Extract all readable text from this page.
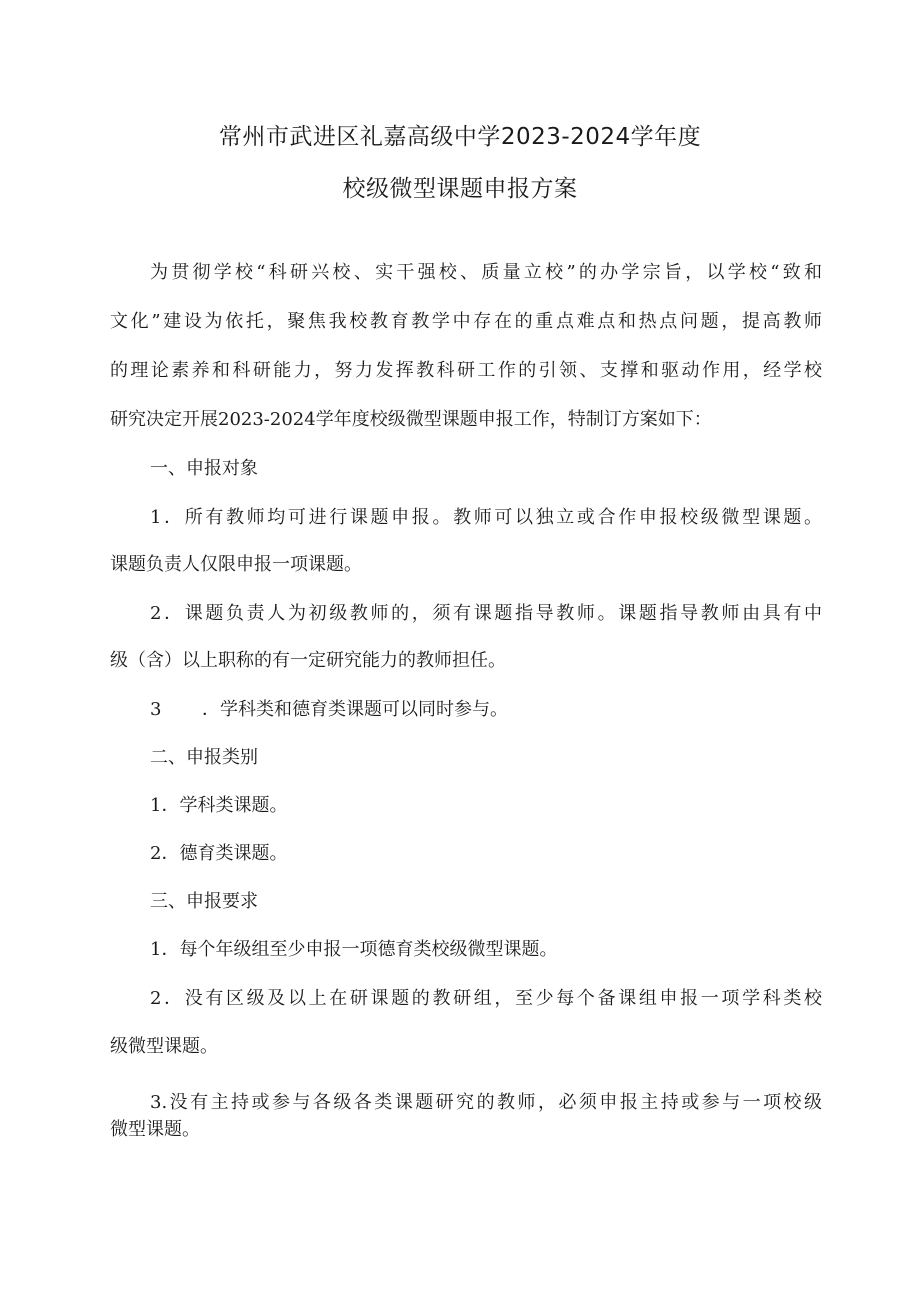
常州市武进区礼嘉高级中学2023-2024学年度
校级微型课题申报方案

为贯彻学校“科研兴校、实干强校、质量立校”的办学宗旨，以学校“致和

文化”建设为依托，聚焦我校教育教学中存在的重点难点和热点问题，提高教师

的理论素养和科研能力，努力发挥教科研工作的引领、支撑和驱动作用，经学校

研究决定开展2023-2024学年度校级微型课题申报工作，特制订方案如下：

一、申报对象

1．所有教师均可进行课题申报。教师可以独立或合作申报校级微型课题。

课题负责人仅限申报一项课题。

2．课题负责人为初级教师的，须有课题指导教师。课题指导教师由具有中

级（含）以上职称的有一定研究能力的教师担任。

3 ．学科类和德育类课题可以同时参与。

二、申报类别

1．学科类课题。

2．德育类课题。

三、申报要求

1．每个年级组至少申报一项德育类校级微型课题。

2．没有区级及以上在研课题的教研组，至少每个备课组申报一项学科类校

级微型课题。

3.没有主持或参与各级各类课题研究的教师，必须申报主持或参与一项校级

微型课题。
